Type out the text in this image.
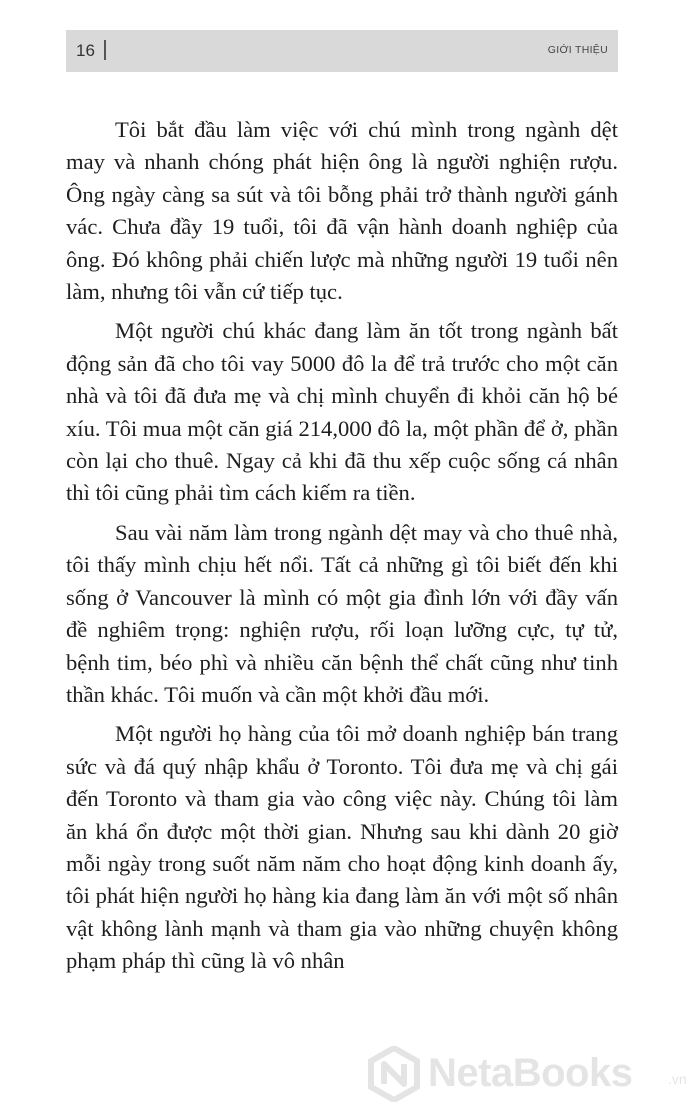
16	GIỚI THIỆU

Tôi bắt đầu làm việc với chú mình trong ngành dệt may và nhanh chóng phát hiện ông là người nghiện rượu. Ông ngày càng sa sút và tôi bỗng phải trở thành người gánh vác. Chưa đầy 19 tuổi, tôi đã vận hành doanh nghiệp của ông. Đó không phải chiến lược mà những người 19 tuổi nên làm, nhưng tôi vẫn cứ tiếp tục.

Một người chú khác đang làm ăn tốt trong ngành bất động sản đã cho tôi vay 5000 đô la để trả trước cho một căn nhà và tôi đã đưa mẹ và chị mình chuyển đi khỏi căn hộ bé xíu. Tôi mua một căn giá 214,000 đô la, một phần để ở, phần còn lại cho thuê. Ngay cả khi đã thu xếp cuộc sống cá nhân thì tôi cũng phải tìm cách kiếm ra tiền.

Sau vài năm làm trong ngành dệt may và cho thuê nhà, tôi thấy mình chịu hết nổi. Tất cả những gì tôi biết đến khi sống ở Vancouver là mình có một gia đình lớn với đầy vấn đề nghiêm trọng: nghiện rượu, rối loạn lưỡng cực, tự tử, bệnh tim, béo phì và nhiều căn bệnh thể chất cũng như tinh thần khác. Tôi muốn và cần một khởi đầu mới.

Một người họ hàng của tôi mở doanh nghiệp bán trang sức và đá quý nhập khẩu ở Toronto. Tôi đưa mẹ và chị gái đến Toronto và tham gia vào công việc này. Chúng tôi làm ăn khá ổn được một thời gian. Nhưng sau khi dành 20 giờ mỗi ngày trong suốt năm năm cho hoạt động kinh doanh ấy, tôi phát hiện người họ hàng kia đang làm ăn với một số nhân vật không lành mạnh và tham gia vào những chuyện không phạm pháp thì cũng là vô nhân

NetaBooks	.vn
